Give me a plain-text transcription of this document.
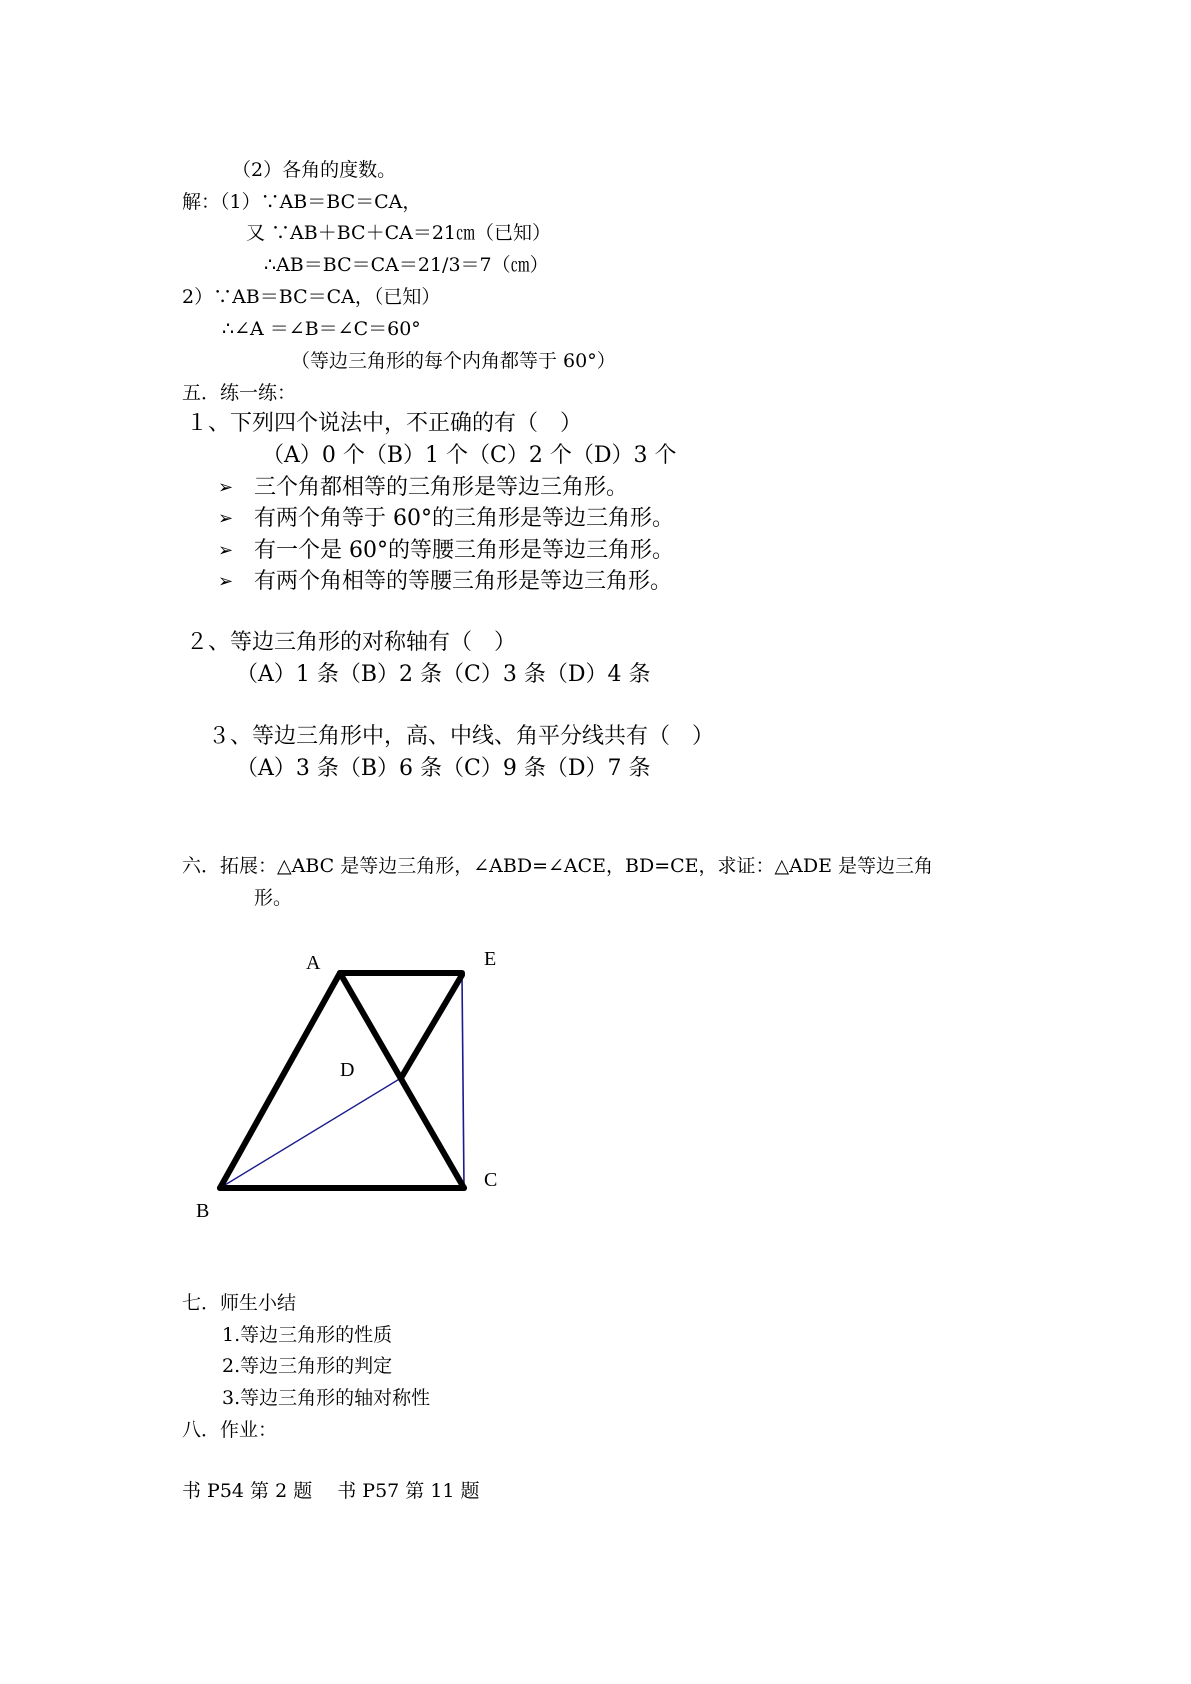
（2）各角的度数。
解：（1）∵AB＝BC＝CA，
又 ∵AB＋BC＋CA＝21㎝（已知）
∴AB＝BC＝CA＝21/3＝7（㎝）
2）∵AB＝BC＝CA，（已知）
∴∠A ＝∠B＝∠C＝60°
（等边三角形的每个内角都等于 60°）
五．练一练：
１、下列四个说法中，不正确的有（　）
（A）0 个（B）1 个（C）2 个（D）3 个
➢ 三个角都相等的三角形是等边三角形。
➢ 有两个角等于 60°的三角形是等边三角形。
➢ 有一个是 60°的等腰三角形是等边三角形。
➢ 有两个角相等的等腰三角形是等边三角形。
２、等边三角形的对称轴有（　）
（A）1 条（B）2 条（C）3 条（D）4 条
３、等边三角形中，高、中线、角平分线共有（　）
（A）3 条（B）6 条（C）9 条（D）7 条
六．拓展：△ABC 是等边三角形，∠ABD=∠ACE，BD=CE，求证：△ADE 是等边三角
形。
A	E
D
B
C
七．师生小结
1.等边三角形的性质
2.等边三角形的判定
3.等边三角形的轴对称性
八．作业：
书 P54 第 2 题　 书 P57 第 11 题
